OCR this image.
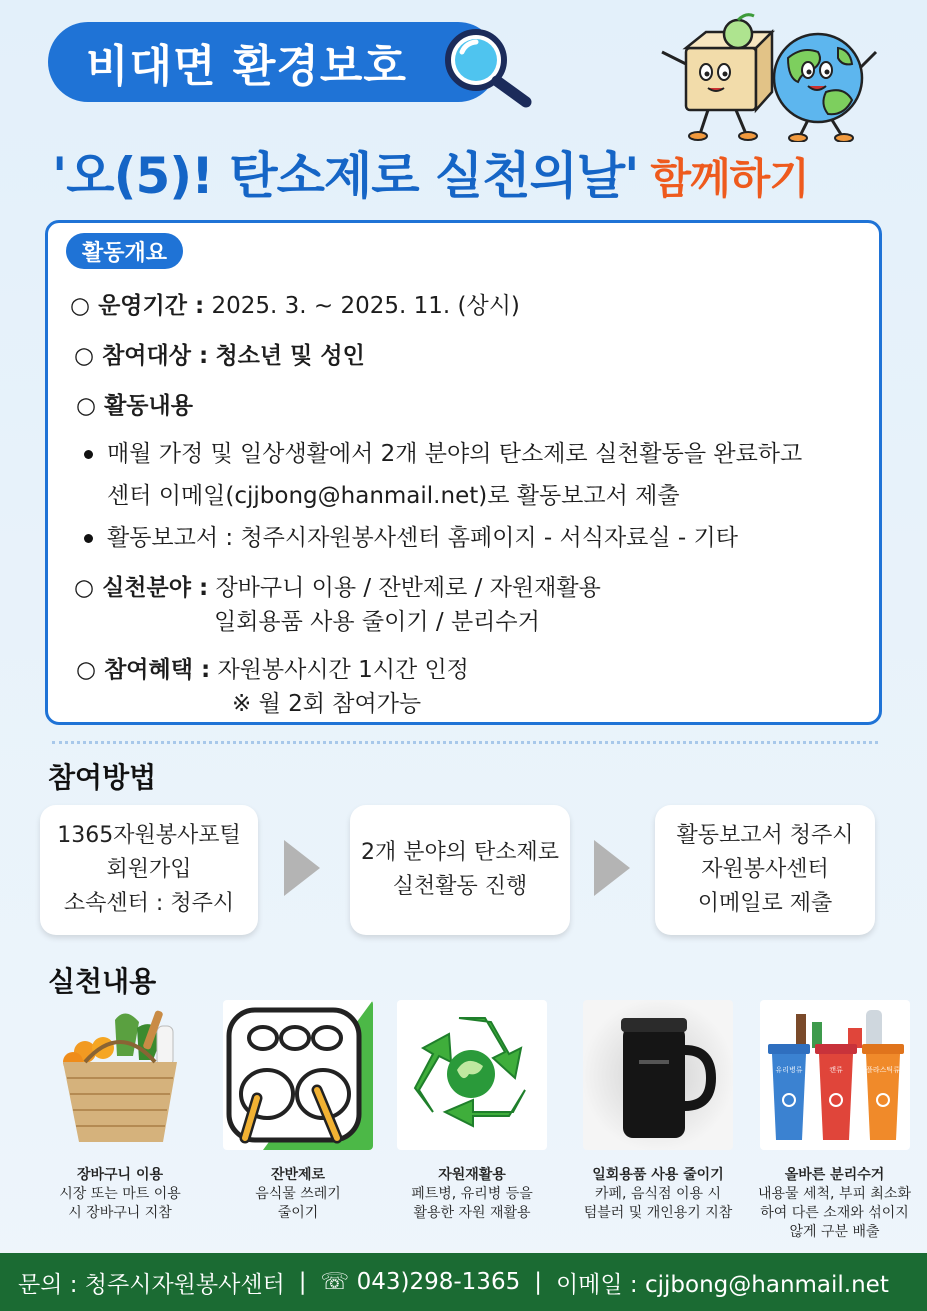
비대면 환경보호
'오(5)! 탄소제로 실천의날' 함께하기
활동개요
○ 운영기간 : 2025. 3. ~ 2025. 11. (상시)
○ 참여대상 : 청소년 및 성인
○ 활동내용
매월 가정 및 일상생활에서 2개 분야의 탄소제로 실천활동을 완료하고
센터 이메일(cjjbong@hanmail.net)로 활동보고서 제출
활동보고서 : 청주시자원봉사센터 홈페이지 - 서식자료실 - 기타
○ 실천분야 : 장바구니 이용 / 잔반제로 / 자원재활용
일회용품 사용 줄이기 / 분리수거
○ 참여혜택 : 자원봉사시간 1시간 인정
※ 월 2회 참여가능
참여방법
1365자원봉사포털
회원가입
소속센터 : 청주시
2개 분야의 탄소제로
실천활동 진행
활동보고서 청주시
자원봉사센터
이메일로 제출
실천내용
장바구니 이용
시장 또는 마트 이용
시 장바구니 지참
잔반제로
음식물 쓰레기
줄이기
자원재활용
페트병, 유리병 등을
활용한 자원 재활용
일회용품 사용 줄이기
카페, 음식점 이용 시
텀블러 및 개인용기 지참
유리병류	캔류	플라스틱류
올바른 분리수거
내용물 세척, 부피 최소화
하여 다른 소재와 섞이지
않게 구분 배출
문의 : 청주시자원봉사센터 | ☏ 043)298-1365 | 이메일 : cjjbong@hanmail.net
